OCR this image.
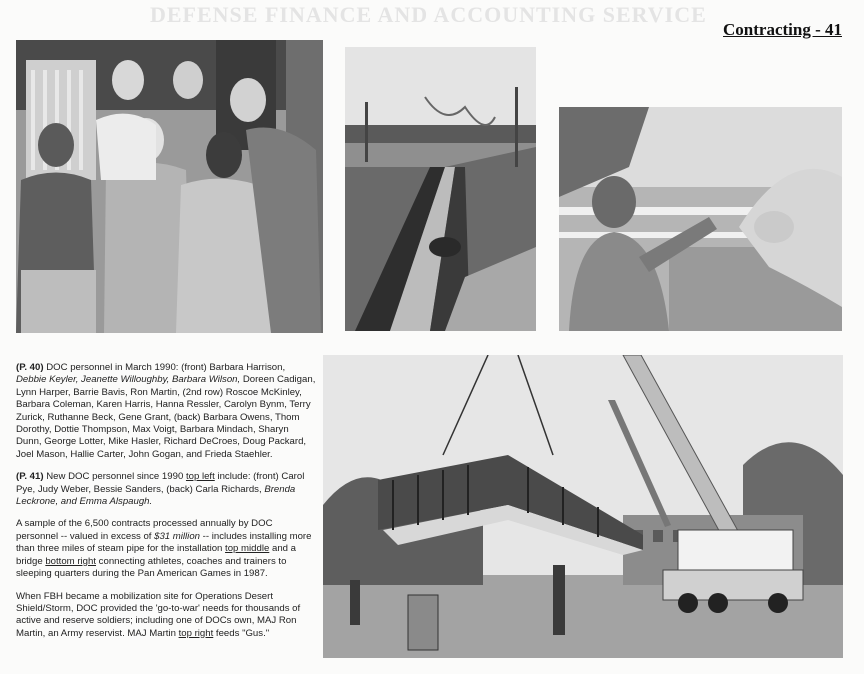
DEFENSE FINANCE AND ACCOUNTING SERVICE
Contracting - 41

(P. 40) DOC personnel in March 1990: (front) Barbara Harrison, Debbie Keyler, Jeanette Willoughby, Barbara Wilson, Doreen Cadigan, Lynn Harper, Barrie Bavis, Ron Martin, (2nd row) Roscoe McKinley, Barbara Coleman, Karen Harris, Hanna Ressler, Carolyn Bynm, Terry Zurick, Ruthanne Beck, Gene Grant, (back) Barbara Owens, Thom Dorothy, Dottie Thompson, Max Voigt, Barbara Mindach, Sharyn Dunn, George Lotter, Mike Hasler, Richard DeCroes, Doug Packard, Joel Mason, Hallie Carter, John Gogan, and Frieda Staehler.

(P. 41) New DOC personnel since 1990 top left include: (front) Carol Pye, Judy Weber, Bessie Sanders, (back) Carla Richards, Brenda Leckrone, and Emma Alspaugh.

A sample of the 6,500 contracts processed annually by DOC personnel -- valued in excess of $31 million -- includes installing more than three miles of steam pipe for the installation top middle and a bridge bottom right connecting athletes, coaches and trainers to sleeping quarters during the Pan American Games in 1987.

When FBH became a mobilization site for Operations Desert Shield/Storm, DOC provided the 'go-to-war' needs for thousands of active and reserve soldiers; including one of DOCs own, MAJ Ron Martin, an Army reservist. MAJ Martin top right feeds "Gus."
